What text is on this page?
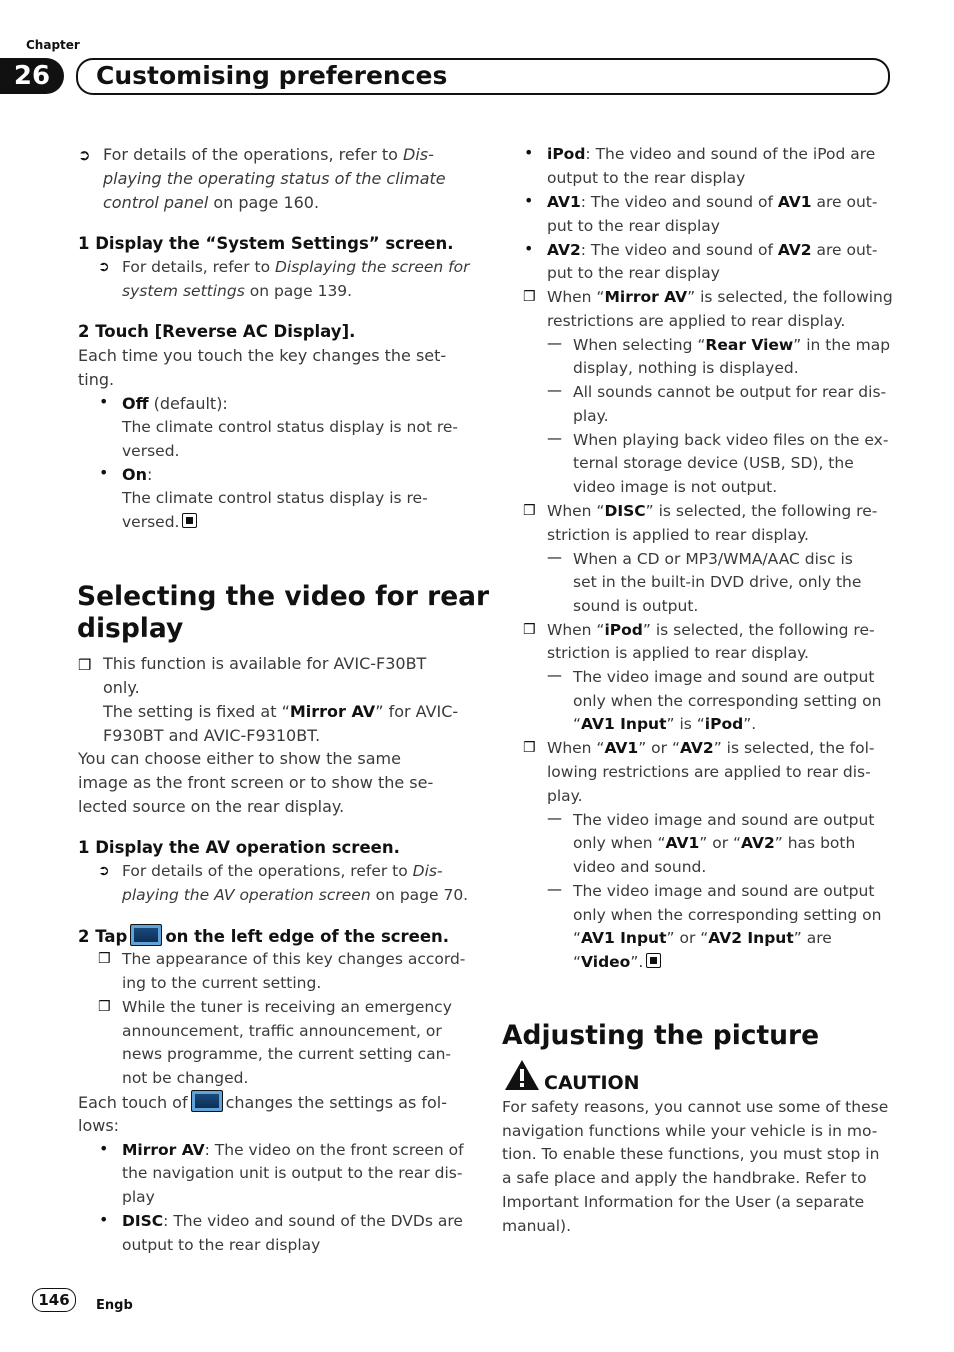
Chapter
26	Customising preferences
➲ For details of the operations, refer to Dis-
playing the operating status of the climate
control panel on page 160.
1 Display the “System Settings” screen.
➲ For details, refer to Displaying the screen for
system settings on page 139.
2 Touch [Reverse AC Display].
Each time you touch the key changes the set-
ting.
• Off (default):
The climate control status display is not re-
versed.
• On:
The climate control status display is re-
versed.
Selecting the video for rear
display
❒ This function is available for AVIC-F30BT
only.
The setting is fixed at “Mirror AV” for AVIC-
F930BT and AVIC-F9310BT.
You can choose either to show the same
image as the front screen or to show the se-
lected source on the rear display.
1 Display the AV operation screen.
➲ For details of the operations, refer to Dis-
playing the AV operation screen on page 70.
2 Tap on the left edge of the screen.
❒ The appearance of this key changes accord-
ing to the current setting.
❒ While the tuner is receiving an emergency
announcement, traffic announcement, or
news programme, the current setting can-
not be changed.
Each touch of changes the settings as fol-
lows:
• Mirror AV: The video on the front screen of
the navigation unit is output to the rear dis-
play
• DISC: The video and sound of the DVDs are
output to the rear display
• iPod: The video and sound of the iPod are
output to the rear display
• AV1: The video and sound of AV1 are out-
put to the rear display
• AV2: The video and sound of AV2 are out-
put to the rear display
❒ When “Mirror AV” is selected, the following
restrictions are applied to rear display.
— When selecting “Rear View” in the map
display, nothing is displayed.
— All sounds cannot be output for rear dis-
play.
— When playing back video files on the ex-
ternal storage device (USB, SD), the
video image is not output.
❒ When “DISC” is selected, the following re-
striction is applied to rear display.
— When a CD or MP3/WMA/AAC disc is
set in the built-in DVD drive, only the
sound is output.
❒ When “iPod” is selected, the following re-
striction is applied to rear display.
— The video image and sound are output
only when the corresponding setting on
“AV1 Input” is “iPod”.
❒ When “AV1” or “AV2” is selected, the fol-
lowing restrictions are applied to rear dis-
play.
— The video image and sound are output
only when “AV1” or “AV2” has both
video and sound.
— The video image and sound are output
only when the corresponding setting on
“AV1 Input” or “AV2 Input” are
“Video”.
Adjusting the picture
CAUTION
For safety reasons, you cannot use some of these
navigation functions while your vehicle is in mo-
tion. To enable these functions, you must stop in
a safe place and apply the handbrake. Refer to
Important Information for the User (a separate
manual).
146	Engb
